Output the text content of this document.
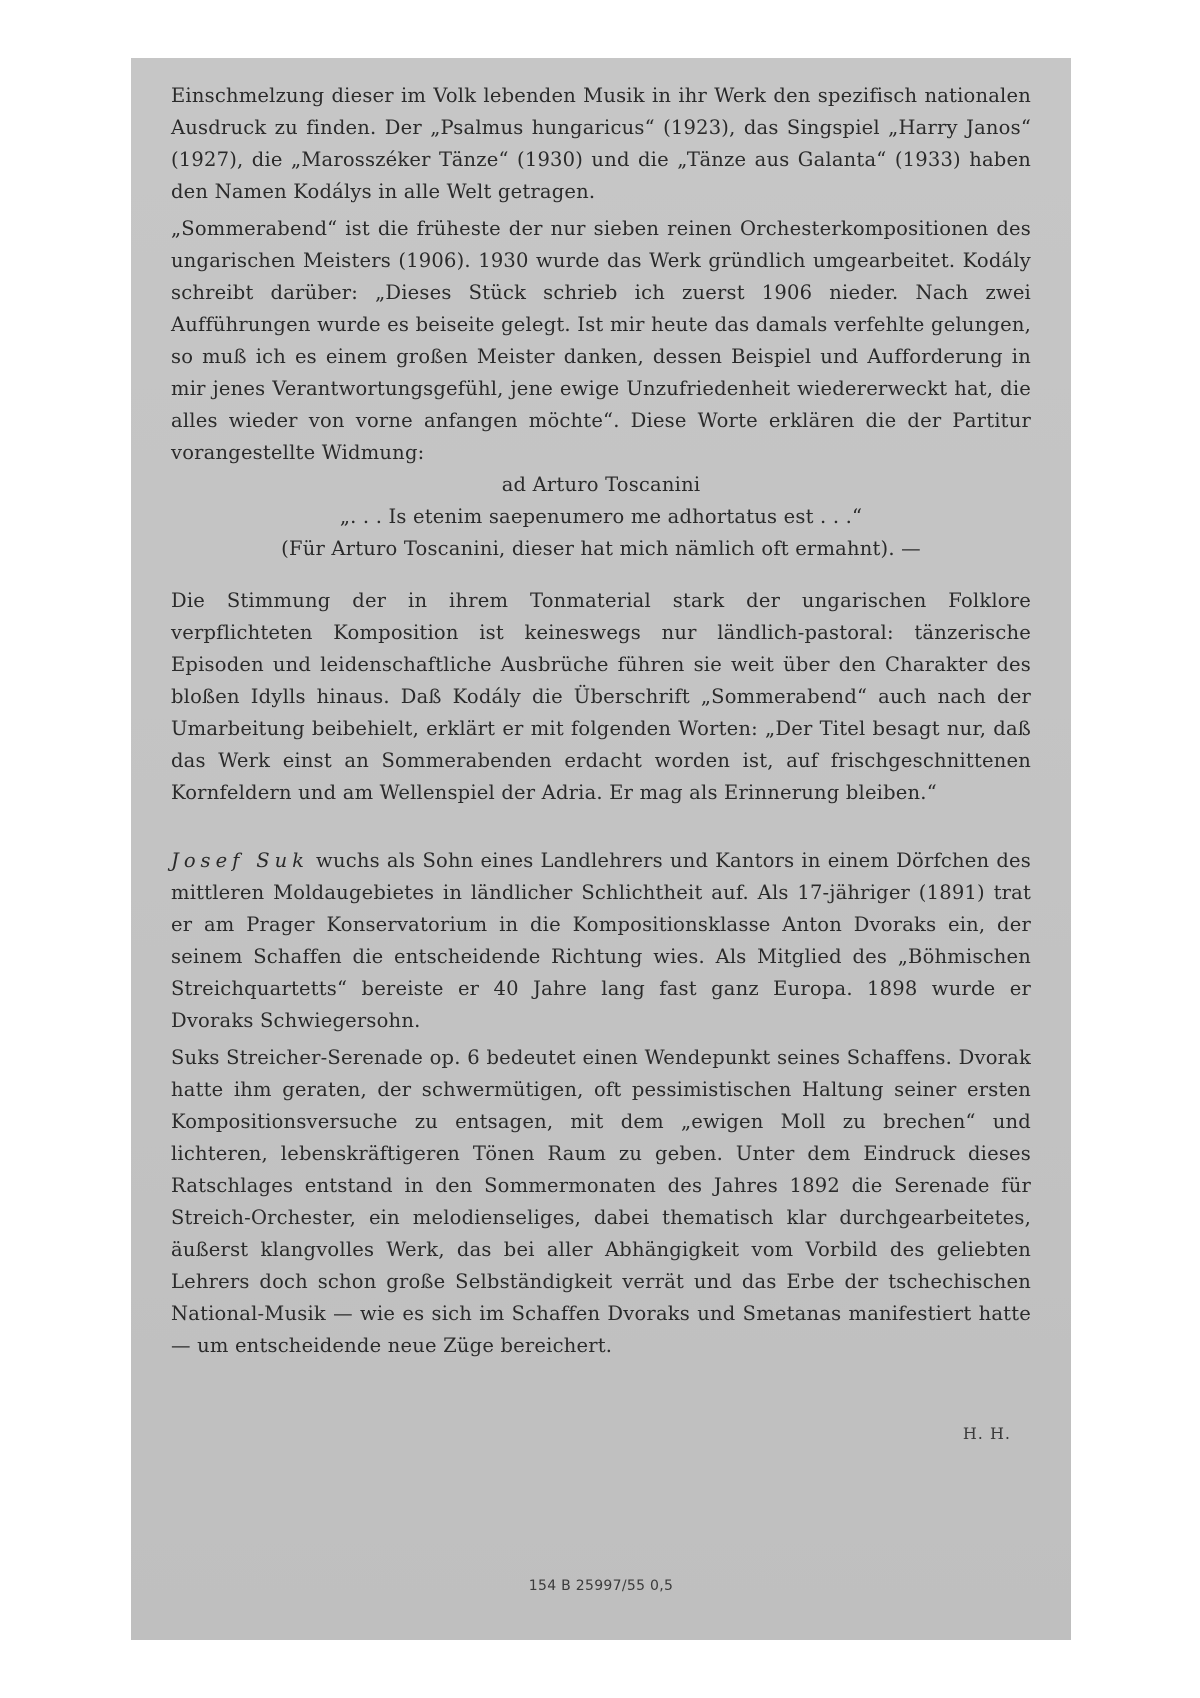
Einschmelzung dieser im Volk lebenden Musik in ihr Werk den spezifisch nationalen Ausdruck zu finden. Der „Psalmus hungaricus“ (1923), das Singspiel „Harry Janos“ (1927), die „Marosszéker Tänze“ (1930) und die „Tänze aus Galanta“ (1933) haben den Namen Kodálys in alle Welt getragen.

„Sommerabend“ ist die früheste der nur sieben reinen Orchesterkompositionen des ungarischen Meisters (1906). 1930 wurde das Werk gründlich umgearbeitet. Kodály schreibt darüber: „Dieses Stück schrieb ich zuerst 1906 nieder. Nach zwei Aufführungen wurde es beiseite gelegt. Ist mir heute das damals verfehlte gelungen, so muß ich es einem großen Meister danken, dessen Beispiel und Aufforderung in mir jenes Verantwortungsgefühl, jene ewige Unzufriedenheit wiedererweckt hat, die alles wieder von vorne anfangen möchte“. Diese Worte erklären die der Partitur vorangestellte Widmung:

ad Arturo Toscanini

„. . . Is etenim saepenumero me adhortatus est . . .“

(Für Arturo Toscanini, dieser hat mich nämlich oft ermahnt). —

Die Stimmung der in ihrem Tonmaterial stark der ungarischen Folklore verpflichteten Komposition ist keineswegs nur ländlich-pastoral: tänzerische Episoden und leidenschaftliche Ausbrüche führen sie weit über den Charakter des bloßen Idylls hinaus. Daß Kodály die Überschrift „Sommerabend“ auch nach der Umarbeitung beibehielt, erklärt er mit folgenden Worten: „Der Titel besagt nur, daß das Werk einst an Sommerabenden erdacht worden ist, auf frischgeschnittenen Kornfeldern und am Wellenspiel der Adria. Er mag als Erinnerung bleiben.“

Josef Suk wuchs als Sohn eines Landlehrers und Kantors in einem Dörfchen des mittleren Moldaugebietes in ländlicher Schlichtheit auf. Als 17-jähriger (1891) trat er am Prager Konservatorium in die Kompositionsklasse Anton Dvoraks ein, der seinem Schaffen die entscheidende Richtung wies. Als Mitglied des „Böhmischen Streichquartetts“ bereiste er 40 Jahre lang fast ganz Europa. 1898 wurde er Dvoraks Schwiegersohn.

Suks Streicher-Serenade op. 6 bedeutet einen Wendepunkt seines Schaffens. Dvorak hatte ihm geraten, der schwermütigen, oft pessimistischen Haltung seiner ersten Kompositionsversuche zu entsagen, mit dem „ewigen Moll zu brechen“ und lichteren, lebenskräftigeren Tönen Raum zu geben. Unter dem Eindruck dieses Ratschlages entstand in den Sommermonaten des Jahres 1892 die Serenade für Streich-Orchester, ein melodienseliges, dabei thematisch klar durchgearbeitetes, äußerst klangvolles Werk, das bei aller Abhängigkeit vom Vorbild des geliebten Lehrers doch schon große Selbständigkeit verrät und das Erbe der tschechischen National-Musik — wie es sich im Schaffen Dvoraks und Smetanas manifestiert hatte — um entscheidende neue Züge bereichert.

H. H.
154 B 25997/55 0,5
